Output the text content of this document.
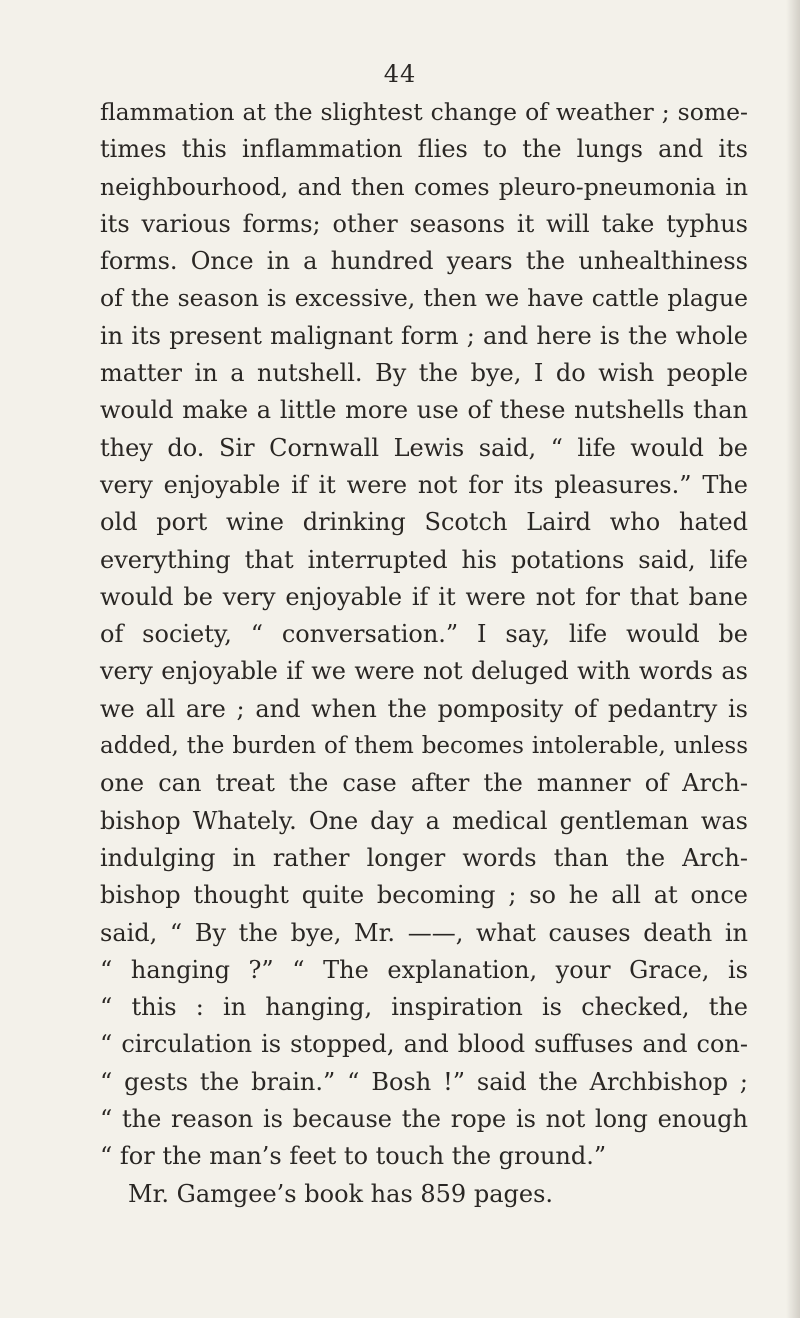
44
flammation at the slightest change of weather ; some-
times this inflammation flies to the lungs and its
neighbourhood, and then comes pleuro-pneumonia in
its various forms; other seasons it will take typhus
forms. Once in a hundred years the unhealthiness
of the season is excessive, then we have cattle plague
in its present malignant form ; and here is the whole
matter in a nutshell. By the bye, I do wish people
would make a little more use of these nutshells than
they do. Sir Cornwall Lewis said, “ life would be
very enjoyable if it were not for its pleasures.” The
old port wine drinking Scotch Laird who hated
everything that interrupted his potations said, life
would be very enjoyable if it were not for that bane
of society, “ conversation.” I say, life would be
very enjoyable if we were not deluged with words as
we all are ; and when the pomposity of pedantry is
added, the burden of them becomes intolerable, unless
one can treat the case after the manner of Arch-
bishop Whately. One day a medical gentleman was
indulging in rather longer words than the Arch-
bishop thought quite becoming ; so he all at once
said, “ By the bye, Mr. ——, what causes death in
“ hanging ?” “ The explanation, your Grace, is
“ this : in hanging, inspiration is checked, the
“ circulation is stopped, and blood suffuses and con-
“ gests the brain.” “ Bosh !” said the Archbishop ;
“ the reason is because the rope is not long enough
“ for the man’s feet to touch the ground.”
Mr. Gamgee’s book has 859 pages.
